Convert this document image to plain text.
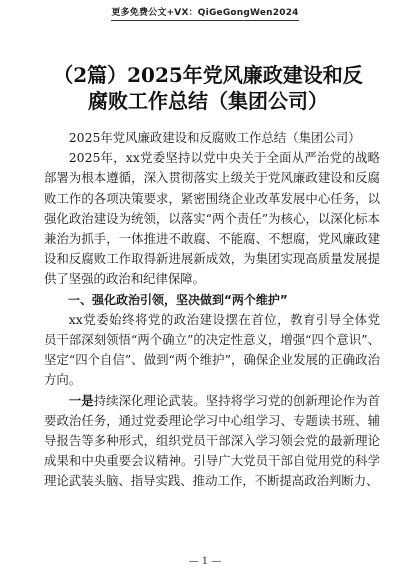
更多免费公文+VX：QiGeGongWen2024
（2篇）2025年党风廉政建设和反腐败工作总结（集团公司）

2025年党风廉政建设和反腐败工作总结（集团公司）

2025年，xx党委坚持以党中央关于全面从严治党的战略部署为根本遵循，深入贯彻落实上级关于党风廉政建设和反腐败工作的各项决策要求，紧密围绕企业改革发展中心任务，以强化政治建设为统领，以落实“两个责任”为核心，以深化标本兼治为抓手，一体推进不敢腐、不能腐、不想腐，党风廉政建设和反腐败工作取得新进展新成效，为集团实现高质量发展提供了坚强的政治和纪律保障。

一、强化政治引领，坚决做到“两个维护”

xx党委始终将党的政治建设摆在首位，教育引导全体党员干部深刻领悟“两个确立”的决定性意义，增强“四个意识”、坚定“四个自信”、做到“两个维护”，确保企业发展的正确政治方向。

一是持续深化理论武装。坚持将学习党的创新理论作为首要政治任务，通过党委理论学习中心组学习、专题读书班、辅导报告等多种形式，组织党员干部深入学习领会党的最新理论成果和中央重要会议精神。引导广大党员干部自觉用党的科学理论武装头脑、指导实践、推动工作，不断提高政治判断力、

— 1 —
